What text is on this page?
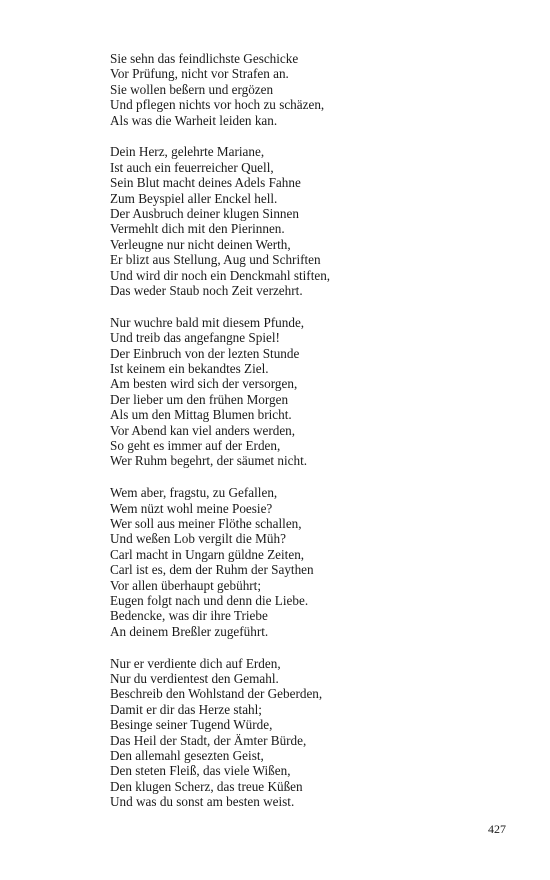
Sie sehn das feindlichste Geschicke
Vor Prüfung, nicht vor Strafen an.
Sie wollen beßern und ergözen
Und pflegen nichts vor hoch zu schäzen,
Als was die Warheit leiden kan.
Dein Herz, gelehrte Mariane,
Ist auch ein feuerreicher Quell,
Sein Blut macht deines Adels Fahne
Zum Beyspiel aller Enckel hell.
Der Ausbruch deiner klugen Sinnen
Vermehlt dich mit den Pierinnen.
Verleugne nur nicht deinen Werth,
Er blizt aus Stellung, Aug und Schriften
Und wird dir noch ein Denckmahl stiften,
Das weder Staub noch Zeit verzehrt.
Nur wuchre bald mit diesem Pfunde,
Und treib das angefangne Spiel!
Der Einbruch von der lezten Stunde
Ist keinem ein bekandtes Ziel.
Am besten wird sich der versorgen,
Der lieber um den frühen Morgen
Als um den Mittag Blumen bricht.
Vor Abend kan viel anders werden,
So geht es immer auf der Erden,
Wer Ruhm begehrt, der säumet nicht.
Wem aber, fragstu, zu Gefallen,
Wem nüzt wohl meine Poesie?
Wer soll aus meiner Flöthe schallen,
Und weßen Lob vergilt die Müh?
Carl macht in Ungarn güldne Zeiten,
Carl ist es, dem der Ruhm der Saythen
Vor allen überhaupt gebührt;
Eugen folgt nach und denn die Liebe.
Bedencke, was dir ihre Triebe
An deinem Breßler zugeführt.
Nur er verdiente dich auf Erden,
Nur du verdientest den Gemahl.
Beschreib den Wohlstand der Geberden,
Damit er dir das Herze stahl;
Besinge seiner Tugend Würde,
Das Heil der Stadt, der Ämter Bürde,
Den allemahl gesezten Geist,
Den steten Fleiß, das viele Wißen,
Den klugen Scherz, das treue Küßen
Und was du sonst am besten weist.
427
